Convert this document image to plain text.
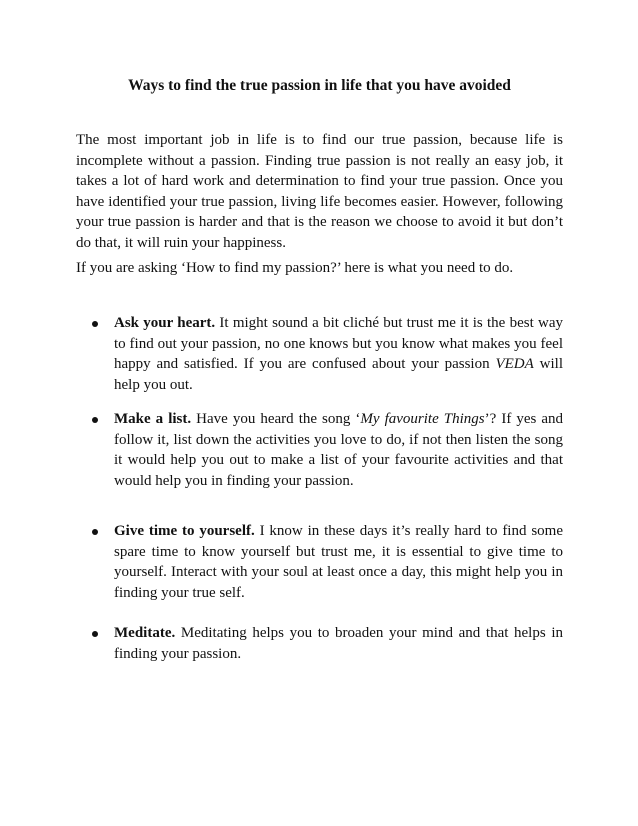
Ways to find the true passion in life that you have avoided

The most important job in life is to find our true passion, because life is incomplete without a passion. Finding true passion is not really an easy job, it takes a lot of hard work and determination to find your true passion. Once you have identified your true passion, living life becomes easier. However, following your true passion is harder and that is the reason we choose to avoid it but don’t do that, it will ruin your happiness.

If you are asking ‘How to find my passion?’ here is what you need to do.

Ask your heart. It might sound a bit cliché but trust me it is the best way to find out your passion, no one knows but you know what makes you feel happy and satisfied. If you are confused about your passion VEDA will help you out.
Make a list. Have you heard the song ‘My favourite Things’? If yes and follow it, list down the activities you love to do, if not then listen the song it would help you out to make a list of your favourite activities and that would help you in finding your passion.
Give time to yourself. I know in these days it’s really hard to find some spare time to know yourself but trust me, it is essential to give time to yourself. Interact with your soul at least once a day, this might help you in finding your true self.
Meditate. Meditating helps you to broaden your mind and that helps in finding your passion.
